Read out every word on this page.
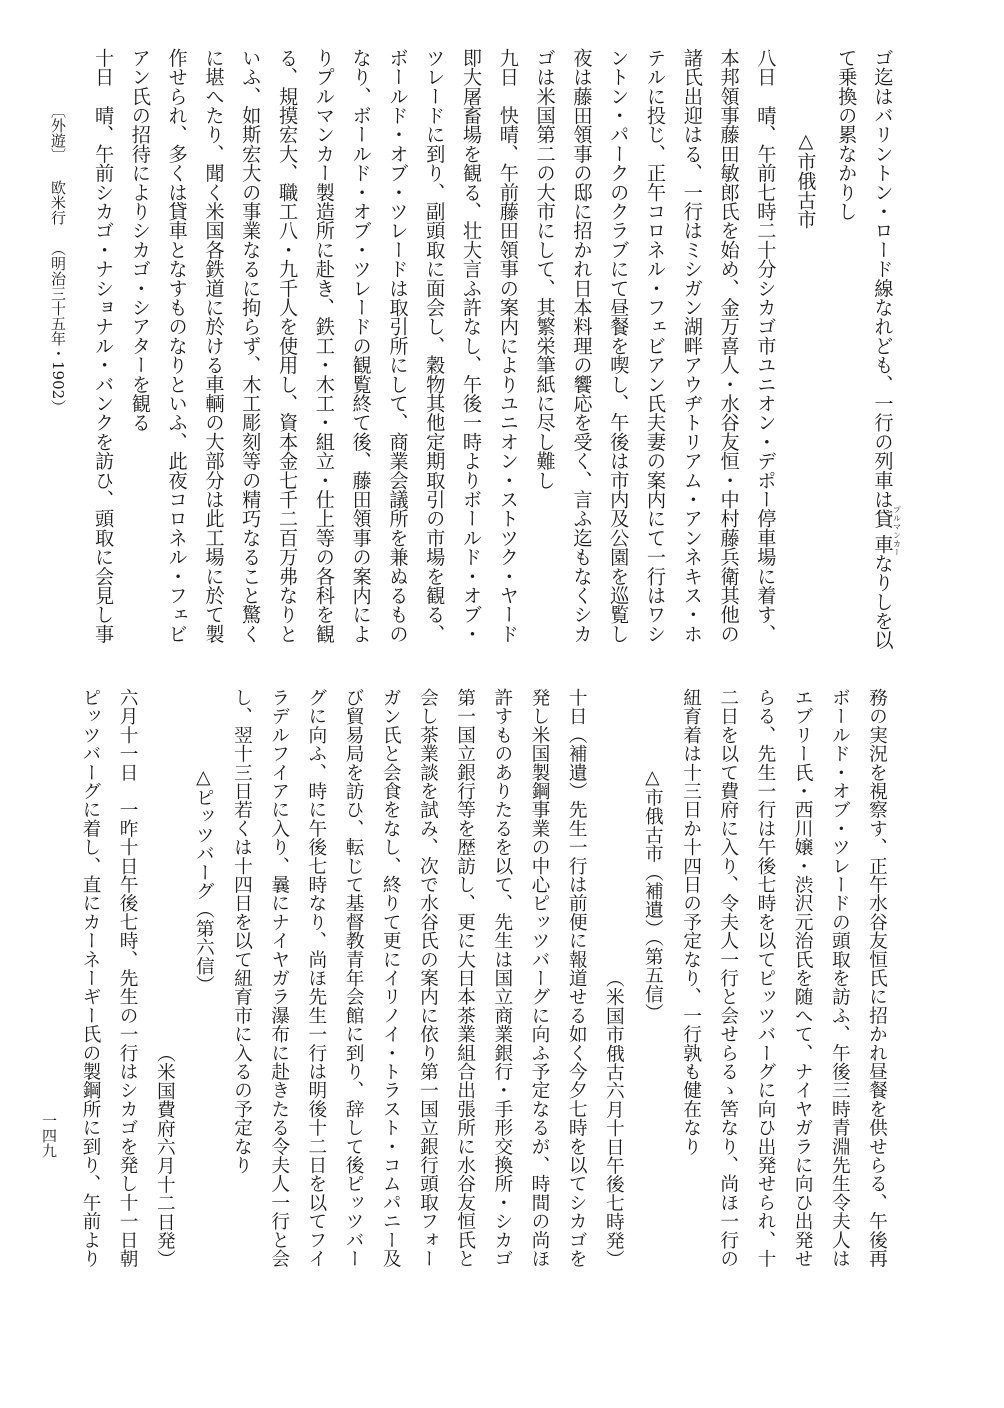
ゴ迄はバリントン・ロード線なれども、一行の列車は貸車プルマンカーなりしを以
て乗換の累なかりし
△市俄古市
八日　晴、午前七時二十分シカゴ市ユニオン・デポー停車場に着す、
本邦領事藤田敏郎氏を始め、金万喜人・水谷友恒・中村藤兵衛其他の
諸氏出迎はる、一行はミシガン湖畔アウヂトリアム・アンネキス・ホ
テルに投じ、正午コロネル・フェビアン氏夫妻の案内にて一行はワシ
ントン・パークのクラブにて昼餐を喫し、午後は市内及公園を巡覧し
夜は藤田領事の邸に招かれ日本料理の饗応を受く、言ふ迄もなくシカ
ゴは米国第二の大市にして、其繁栄筆紙に尽し難し
九日　快晴、午前藤田領事の案内によりユニオン・ストツク・ヤード
即大屠畜場を観る、壮大言ふ許なし、午後一時よりボールド・オブ・
ツレードに到り、副頭取に面会し、穀物其他定期取引の市場を観る、
ボールド・オブ・ツレードは取引所にして、商業会議所を兼ぬるもの
なり、ボールド・オブ・ツレードの観覧終て後、藤田領事の案内によ
りプルマンカー製造所に赴き、鉄工・木工・組立・仕上等の各科を観
る、規摸宏大、職工八・九千人を使用し、資本金七千二百万弗なりと
いふ、如斯宏大の事業なるに拘らず、木工彫刻等の精巧なること驚く
に堪へたり、聞く米国各鉄道に於ける車輌の大部分は此工場に於て製
作せられ、多くは貸車となすものなりといふ、此夜コロネル・フェビ
アン氏の招待によりシカゴ・シアターを観る
十日　晴、午前シカゴ・ナショナル・バンクを訪ひ、頭取に会見し事
〔外遊〕欧米行（明治三十五年・1902）
務の実況を視察す、正午水谷友恒氏に招かれ昼餐を供せらる、午後再
ボールド・オブ・ツレードの頭取を訪ふ、午後三時青淵先生令夫人は
エブリー氏・西川嬢・渋沢元治氏を随へて、ナイヤガラに向ひ出発せ
らる、先生一行は午後七時を以てピッツバーグに向ひ出発せられ、十
二日を以て費府に入り、令夫人一行と会せらるゝ筈なり、尚ほ一行の
紐育着は十三日か十四日の予定なり、一行孰も健在なり
△市俄古市（補遺）（第五信）
（米国市俄古六月十日午後七時発）
十日（補遺）先生一行は前便に報道せる如く今夕七時を以てシカゴを
発し米国製鋼事業の中心ピッツバーグに向ふ予定なるが、時間の尚ほ
許すものありたるを以て、先生は国立商業銀行・手形交換所・シカゴ
第一国立銀行等を歴訪し、更に大日本茶業組合出張所に水谷友恒氏と
会し茶業談を試み、次で水谷氏の案内に依り第一国立銀行頭取フォー
ガン氏と会食をなし、終りて更にイリノイ・トラスト・コムパニー及
び貿易局を訪ひ、転じて基督教青年会館に到り、辞して後ピッツバー
グに向ふ、時に午後七時なり、尚ほ先生一行は明後十二日を以てフイ
ラデルフイアに入り、曩にナイヤガラ瀑布に赴きたる令夫人一行と会
し、翌十三日若くは十四日を以て紐育市に入るの予定なり
△ピッツバーグ（第六信）
（米国費府六月十二日発）
六月十一日　一昨十日午後七時、先生の一行はシカゴを発し十一日朝
ピッツバーグに着し、直にカーネーギー氏の製鋼所に到り、午前より
一四九
